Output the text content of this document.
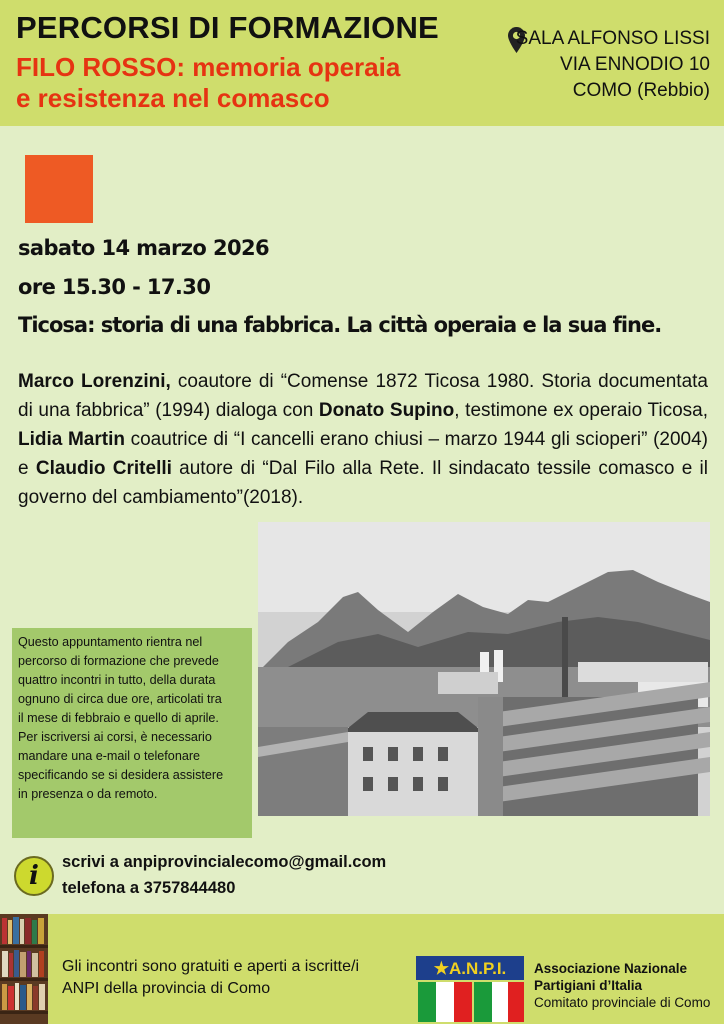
PERCORSI DI FORMAZIONE
FILO ROSSO: memoria operaia
e resistenza nel comasco
SALA ALFONSO LISSI
VIA ENNODIO 10
COMO (Rebbio)
sabato 14 marzo 2026
ore 15.30 - 17.30
Ticosa: storia di una fabbrica. La città operaia e la sua fine.
Marco Lorenzini, coautore di “Comense 1872 Ticosa 1980. Storia documentata di una fabbrica” (1994) dialoga con Donato Supino, testimone ex operaio Ticosa, Lidia Martin coautrice di “I cancelli erano chiusi – marzo 1944 gli scioperi” (2004) e Claudio Critelli autore di “Dal Filo alla Rete. Il sindacato tessile comasco e il governo del cambiamento”(2018).
Questo appuntamento rientra nel
percorso di formazione che prevede
quattro incontri in tutto, della durata
ognuno di circa due ore, articolati tra
il mese di febbraio e quello di aprile.
Per iscriversi ai corsi, è necessario
mandare una e-mail o telefonare
specificando se si desidera assistere
in presenza o da remoto.
i	scrivi a anpiprovincialecomo@gmail.com
telefona a 3757844480
Gli incontri sono gratuiti e aperti a iscritte/i
ANPI della provincia di Como
★A.N.P.I. Associazione Nazionale
Partigiani d’Italia
Comitato provinciale di Como
